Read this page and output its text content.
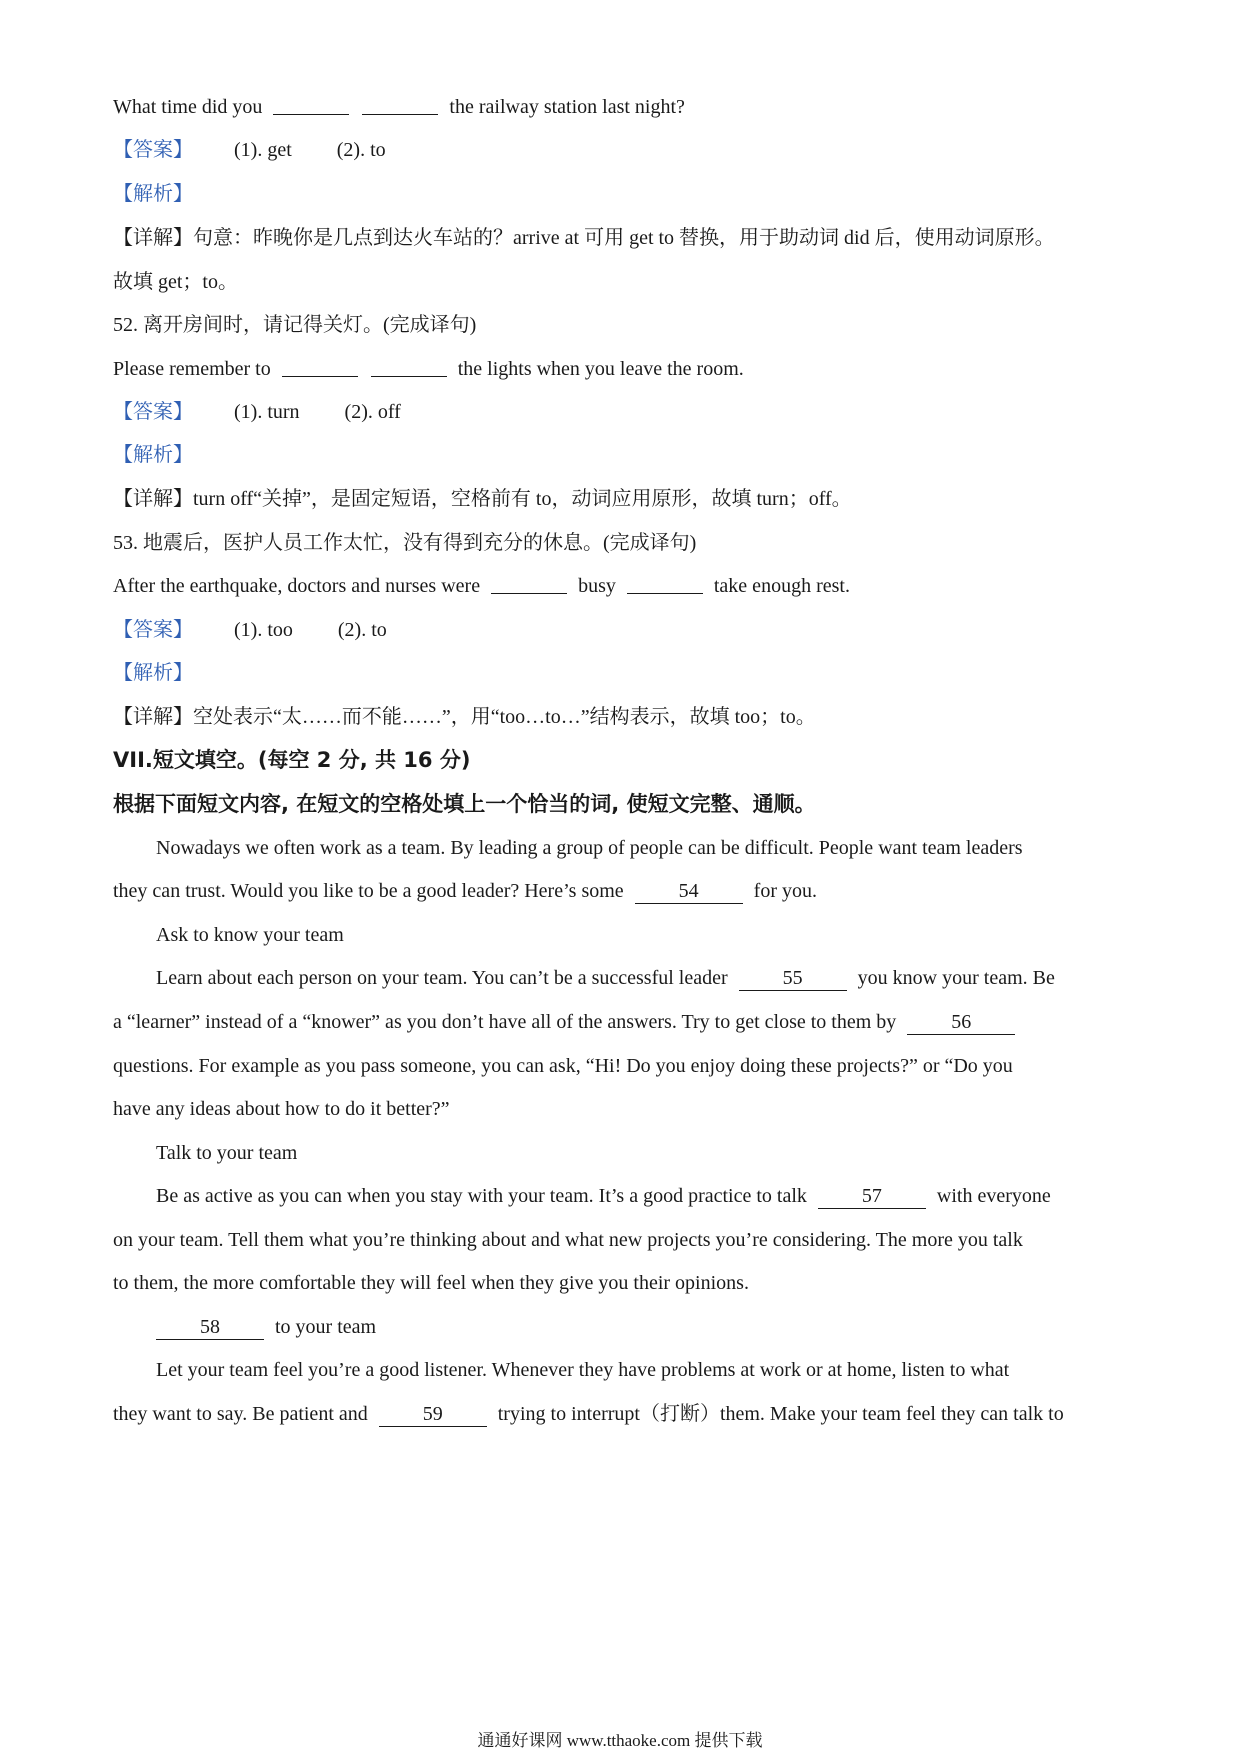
What time did you	the railway station last night?
【答案】 (1). get (2). to
【解析】
【详解】句意：昨晚你是几点到达火车站的？arrive at 可用 get to 替换，用于助动词 did 后，使用动词原形。
故填 get；to。
52. 离开房间时，请记得关灯。(完成译句)
Please remember to	the lights when you leave the room.
【答案】 (1). turn (2). off
【解析】
【详解】turn off“关掉”，是固定短语，空格前有 to，动词应用原形，故填 turn；off。
53. 地震后，医护人员工作太忙，没有得到充分的休息。(完成译句)
After the earthquake, doctors and nurses were	busy	take enough rest.
【答案】 (1). too (2). to
【解析】
【详解】空处表示“太……而不能……”，用“too…to…”结构表示，故填 too；to。
VII.短文填空。(每空 2 分, 共 16 分)
根据下面短文内容, 在短文的空格处填上一个恰当的词, 使短文完整、通顺。
Nowadays we often work as a team. By leading a group of people can be difficult. People want team leaders
they can trust. Would you like to be a good leader? Here’s some	54	for you.
Ask to know your team
Learn about each person on your team. You can’t be a successful leader	55	you know your team. Be
a “learner” instead of a “knower” as you don’t have all of the answers. Try to get close to them by	56
questions. For example as you pass someone, you can ask, “Hi! Do you enjoy doing these projects?” or “Do you
have any ideas about how to do it better?”
Talk to your team
Be as active as you can when you stay with your team. It’s a good practice to talk	57	with everyone
on your team. Tell them what you’re thinking about and what new projects you’re considering. The more you talk
to them, the more comfortable they will feel when they give you their opinions.
58	to your team
Let your team feel you’re a good listener. Whenever they have problems at work or at home, listen to what
they want to say. Be patient and	59	trying to interrupt（打断）them. Make your team feel they can talk to
通通好课网 www.tthaoke.com 提供下载
